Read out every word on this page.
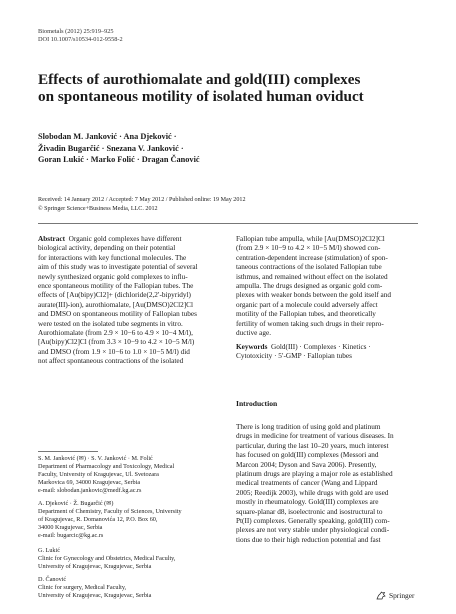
Biometals (2012) 25:919–925
DOI 10.1007/s10534-012-9558-2
Effects of aurothiomalate and gold(III) complexes
on spontaneous motility of isolated human oviduct
Slobodan M. Janković · Ana Djeković ·
Živadin Bugarčić · Snezana V. Janković ·
Goran Lukić · Marko Folić · Dragan Čanović
Received: 14 January 2012 / Accepted: 7 May 2012 / Published online: 19 May 2012
© Springer Science+Business Media, LLC. 2012
Abstract Organic gold complexes have different
biological activity, depending on their potential
for interactions with key functional molecules. The
aim of this study was to investigate potential of several
newly synthesized organic gold complexes to influ-
ence spontaneous motility of the Fallopian tubes. The
effects of [Au(bipy)Cl2]+ (dichloride(2,2′-bipyridyl)
aurate(III)-ion), aurothiomalate, [Au(DMSO)2Cl2]Cl
and DMSO on spontaneous motility of Fallopian tubes
were tested on the isolated tube segments in vitro.
Aurothiomalate (from 2.9 × 10−6 to 4.9 × 10−4 M/l),
[Au(bipy)Cl2]Cl (from 3.3 × 10−9 to 4.2 × 10−5 M/l)
and DMSO (from 1.9 × 10−6 to 1.0 × 10−5 M/l) did
not affect spontaneous contractions of the isolated
Fallopian tube ampulla, while [Au(DMSO)2Cl2]Cl
(from 2.9 × 10−9 to 4.2 × 10−5 M/l) showed con-
centration-dependent increase (stimulation) of spon-
taneous contractions of the isolated Fallopian tube
isthmus, and remained without effect on the isolated
ampulla. The drugs designed as organic gold com-
plexes with weaker bonds between the gold itself and
organic part of a molecule could adversely affect
motility of the Fallopian tubes, and theoretically
fertility of women taking such drugs in their repro-
ductive age.
Keywords Gold(III) · Complexes · Kinetics ·
Cytotoxicity · 5′-GMP · Fallopian tubes
Introduction
There is long tradition of using gold and platinum
drugs in medicine for treatment of various diseases. In
particular, during the last 10–20 years, much interest
has focused on gold(III) complexes (Messori and
Marcon 2004; Dyson and Sava 2006). Presently,
platinum drugs are playing a major role as established
medical treatments of cancer (Wang and Lippard
2005; Reedijk 2003), while drugs with gold are used
mostly in rheumatology. Gold(III) complexes are
square-planar d8, isoelectronic and isostructural to
Pt(II) complexes. Generally speaking, gold(III) com-
plexes are not very stable under physiological condi-
tions due to their high reduction potential and fast
S. M. Janković (✉) · S. V. Janković · M. Folić
Department of Pharmacology and Toxicology, Medical
Faculty, University of Kragujevac, Ul. Svetozara
Markovica 69, 34000 Kragujevac, Serbia
e-mail: slobodan.jankovic@medf.kg.ac.rs
A. Djeković · Ž. Bugarčić (✉)
Department of Chemistry, Faculty of Sciences, University
of Kragujevac, R. Domanovića 12, P.O. Box 60,
34000 Kragujevac, Serbia
e-mail: bugarcic@kg.ac.rs
G. Lukić
Clinic for Gynecology and Obstetrics, Medical Faculty,
University of Kragujevac, Kragujevac, Serbia
D. Čanović
Clinic for surgery, Medical Faculty,
University of Kragujevac, Kragujevac, Serbia	Springer
